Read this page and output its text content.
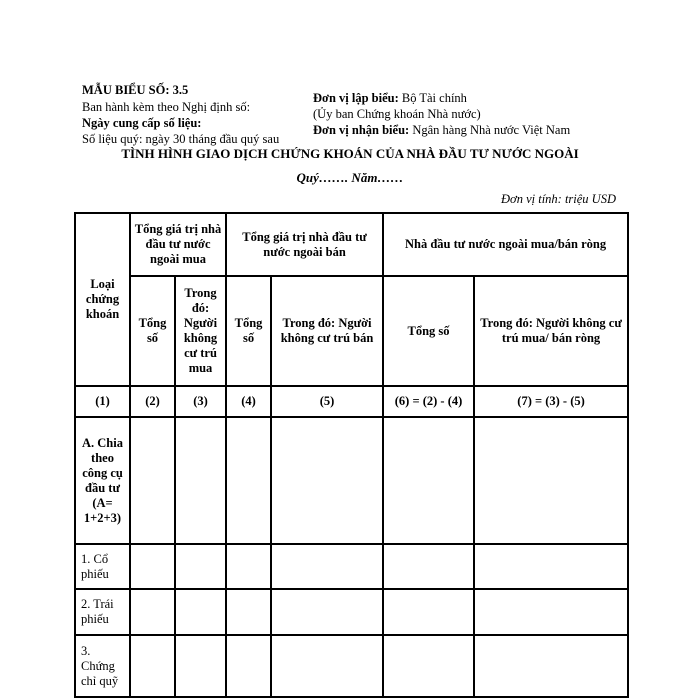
MẪU BIỂU SỐ: 3.5
Ban hành kèm theo Nghị định số:
Ngày cung cấp số liệu:
Số liệu quý: ngày 30 tháng đầu quý sau
Đơn vị lập biểu: Bộ Tài chính
(Ủy ban Chứng khoán Nhà nước)
Đơn vị nhận biểu: Ngân hàng Nhà nước Việt Nam
TÌNH HÌNH GIAO DỊCH CHỨNG KHOÁN CỦA NHÀ ĐẦU TƯ NƯỚC NGOÀI
Quý……. Năm……
Đơn vị tính: triệu USD
Loại chứng khoán	Tổng giá trị nhà đầu tư nước ngoài mua		Tổng giá trị nhà đầu tư nước ngoài bán		Nhà đầu tư nước ngoài mua/bán ròng	
	Tổng số	Trong đó: Người không cư trú mua	Tổng số	Trong đó: Người không cư trú bán	Tổng số	Trong đó: Người không cư trú mua/ bán ròng
(1)	(2)	(3)	(4)	(5)	(6) = (2) - (4)	(7) = (3) - (5)
A. Chia theo công cụ đầu tư (A= 1+2+3)						
1. Cổ phiếu						
2. Trái phiếu						
3. Chứng chỉ quỹ						
